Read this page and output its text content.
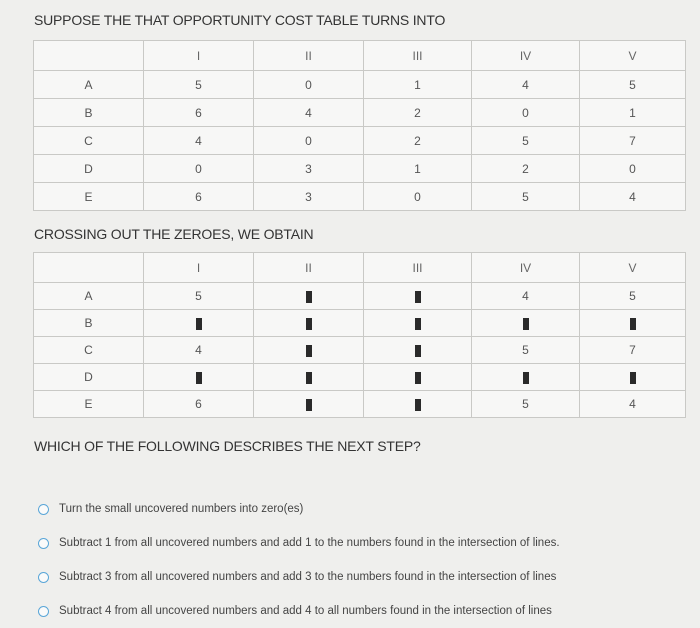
SUPPOSE THE THAT OPPORTUNITY COST TABLE TURNS INTO
	I	II	III	IV	V
A	5	0	1	4	5
B	6	4	2	0	1
C	4	0	2	5	7
D	0	3	1	2	0
E	6	3	0	5	4
CROSSING OUT THE ZEROES, WE OBTAIN
	I	II	III	IV	V
A	5			4	5
B					
C	4			5	7
D					
E	6			5	4
WHICH OF THE FOLLOWING DESCRIBES THE NEXT STEP?
Turn the small uncovered numbers into zero(es)
Subtract 1 from all uncovered numbers and add 1 to the numbers found in the intersection of lines.
Subtract 3 from all uncovered numbers and add 3 to the numbers found in the intersection of lines
Subtract 4 from all uncovered numbers and add 4 to all numbers found in the intersection of lines
